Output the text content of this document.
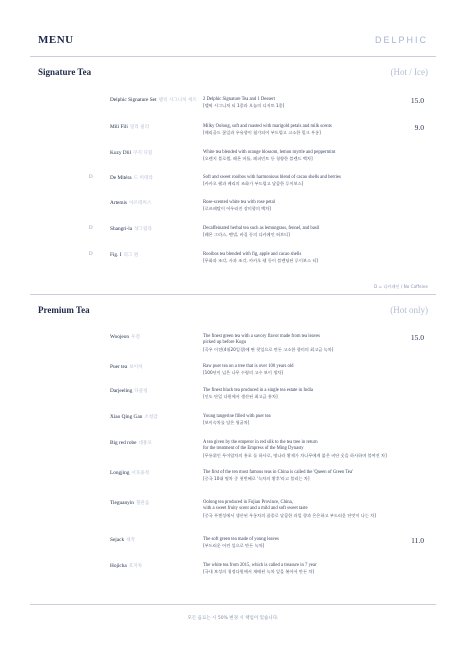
MENU	DELPHIC
Signature Tea	(Hot / Ice)
Delphic Signature Set 델픽 시그니처 세트 2 Delphic Signature Tea and 1 Dessert
[델픽 시그니처 티 1종과 오늘의 디저트 1종]
15.0
Mili Fili 밀리 필리	Milky Oolong, soft and roasted with marigold petals and milk scents
[메리골드 꽃잎과 우유향이 첨가되어 부드럽고 고소한 밀크 우롱]
9.0
Kuzy Dlil 쿠지 디릴	White tea blended with orange blossom, lemon myrtle and peppermint
[오렌지 블로썸, 레몬 머틀, 페퍼민트 등 청량한 블렌드 백차]
D	De Mitéra 드 미테라	Soft and sweet rooibos with harmonious blend of cacao shells and berries
[카카오 쉘과 베리의 조화가 부드럽고 달콤한 루이보스]
Artemis 아르테미스	Rose-scented white tea with rose petal
[로즈페탈이 어우러진 장미향의 백차]
D	Shangri-la 샹그릴라	Decaffeinated herbal tea such as lemongrass, fennel, and basil
[레몬 그라스, 펜넬, 바질 등의 디카페인 허브티]
D	Fig. I 피그 원	Rooibos tea blended with fig, apple and cacao shells
[무화과 조각, 사과 조각, 카카오 쉘 등이 블렌딩된 루이보스 티]
D = 디카페인 / No Caffeine
Premium Tea	(Hot only)
Woojeon 우전	The finest green tea with a savory flavor made from tea leaves
picked up before Kogu
[곡우 이전(4월20일경)에 딴 찻잎으로 만든 고소한 향미의 최고급 녹차]
15.0
Puer tea 보이차	Raw puer tea on a tree that is over 100 years old
[100년이 넘은 나무 수령의 고수 보이 생차]
Darjeeling 다즐링	The finest black tea produced in a single tea estate in India
[인도 단일 다원에서 생산된 최고급 홍차]
Xiao Qing Gan 소청감	Young tangerine filled with puer tea
[보이숙차를 담은 영귤차]
Big red robe 대홍포	A tea given by the emperor in red silk to the tea tree in return
for the treatment of the Empress of the Ming Dynasty
[무릉위인 무이암차의 홍포 를 하사로, 명나라 황제가 차나무에게 붉은 비단 옷을 하사하며 불여진 차]
Longjing 서호용정	The first of the ten most famous teas in China is called the 'Queen of Green Tea'
[중국 10대 명차 중 첫번째로 '녹차의 황후'라고 불리는 차]
Tieguanyin 철관음	Oolong tea produced in Fujian Province, China,
with a sweet fruity scent and a mild and soft sweet taste
[중국 푸젠성에서 생산된 우롱차의 품종로 달콤한 과일 향과 은은하고 부드러운 단맛이 나는 차]
Sejack 세작	The soft green tea made of young leaves
[부드러운 어린 잎으로 만든 녹차]
11.0
Hojicha 호지차	The white tea from 2015, which is called a treasure in 7 year
[국내 보성의 청정다원에서 재배된 녹차 잎을 볶아서 만든 차]
모든 음료는 시 50% 변경 시 책임이 있습니다.
